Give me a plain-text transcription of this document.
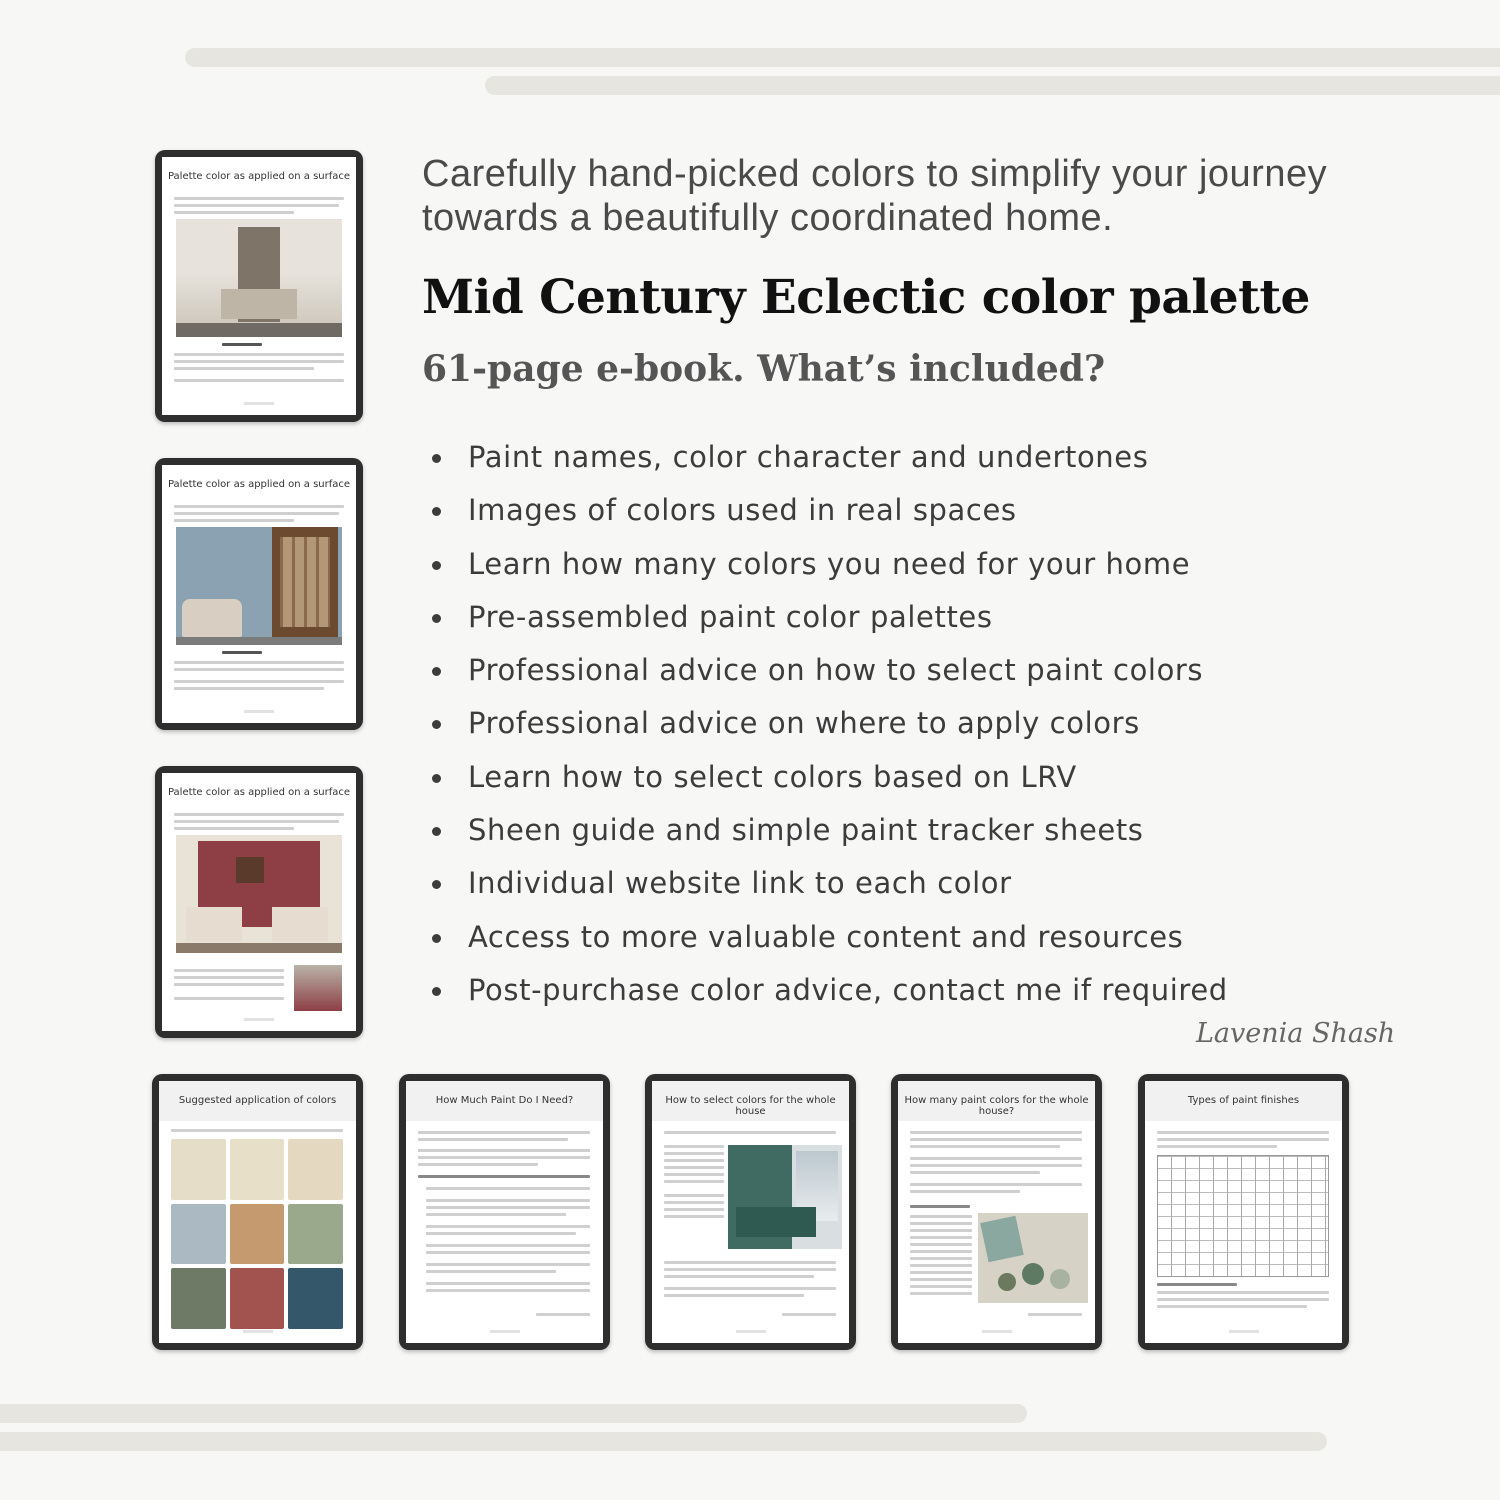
Palette color as applied on a surface
Palette color as applied on a surface
Palette color as applied on a surface
Carefully hand-picked colors to simplify your journey towards a beautifully coordinated home.
Mid Century Eclectic color palette
61-page e-book. What’s included?
Paint names, color character and undertones
Images of colors used in real spaces
Learn how many colors you need for your home
Pre-assembled paint color palettes
Professional advice on how to select paint colors
Professional advice on where to apply colors
Learn how to select colors based on LRV
Sheen guide and simple paint tracker sheets
Individual website link to each color
Access to more valuable content and resources
Post-purchase color advice, contact me if required
Lavenia Shash
Suggested application of colors	How Much Paint Do I Need?	How to select colors for the whole house
How many paint colors for the whole house?
Types of paint finishes
